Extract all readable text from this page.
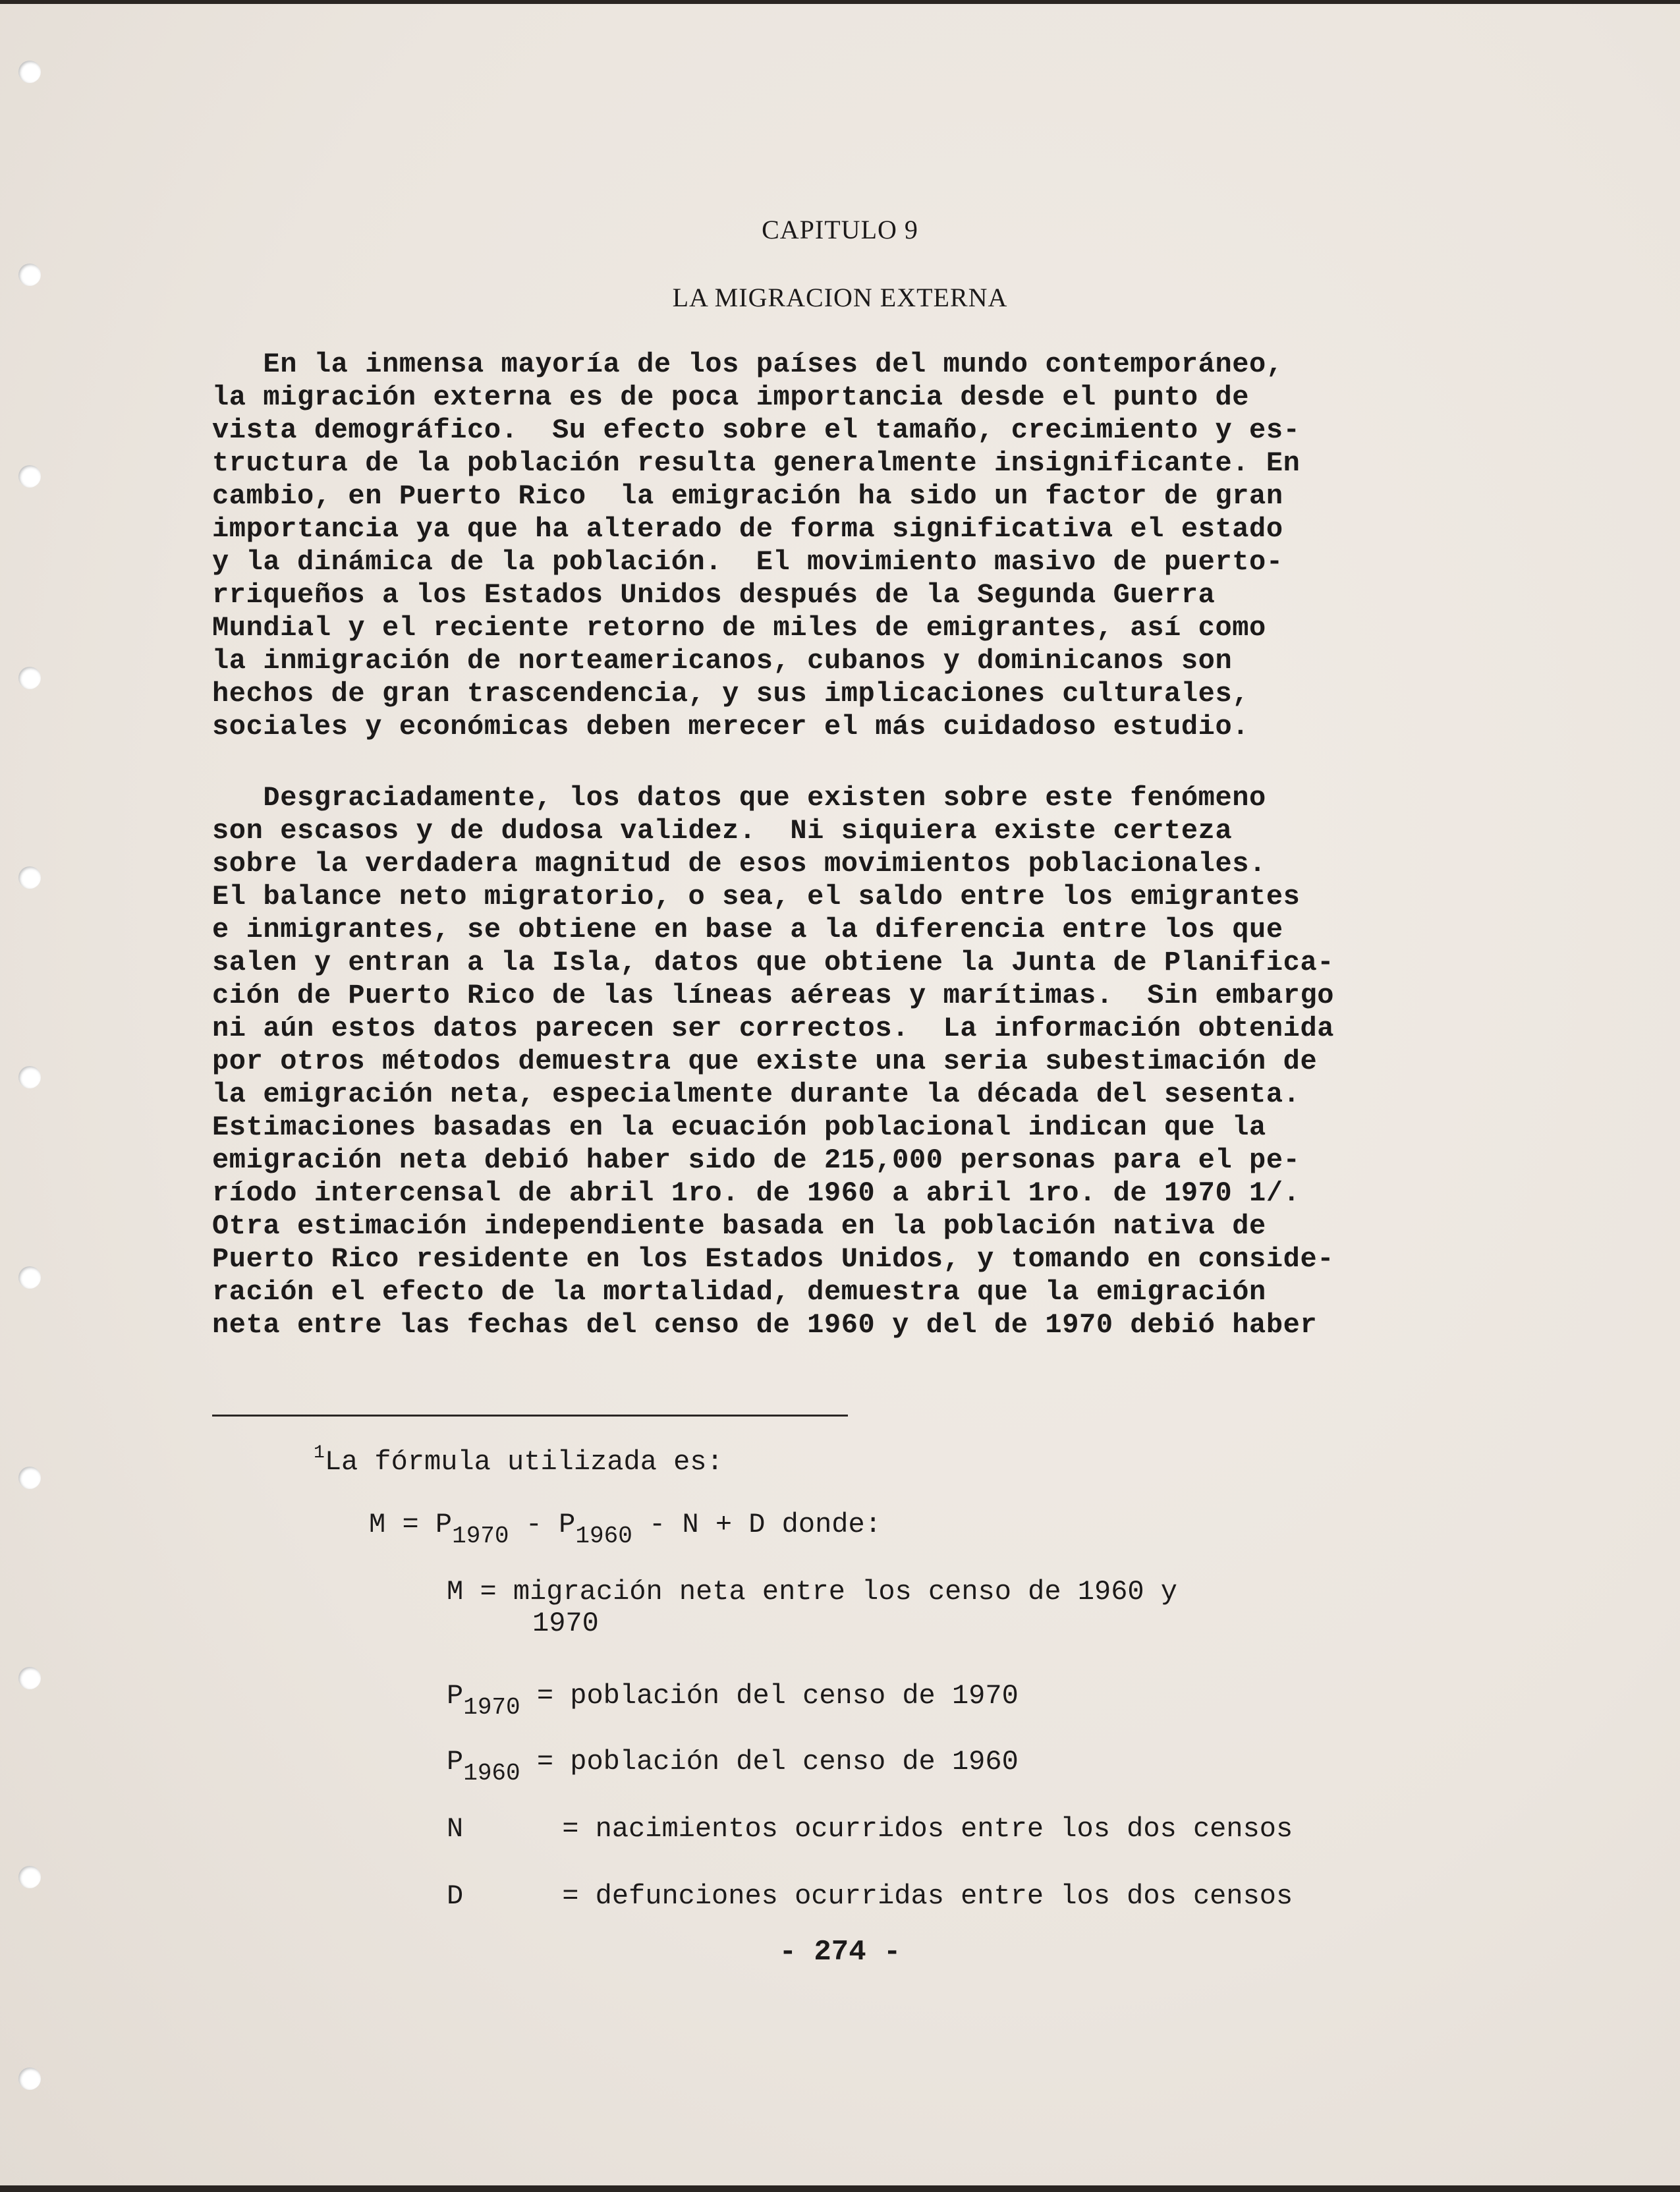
CAPITULO 9
LA MIGRACION EXTERNA
En la inmensa mayoría de los países del mundo contemporáneo,
la migración externa es de poca importancia desde el punto de
vista demográfico.  Su efecto sobre el tamaño, crecimiento y es-
tructura de la población resulta generalmente insignificante. En
cambio, en Puerto Rico  la emigración ha sido un factor de gran
importancia ya que ha alterado de forma significativa el estado
y la dinámica de la población.  El movimiento masivo de puerto-
rriqueños a los Estados Unidos después de la Segunda Guerra
Mundial y el reciente retorno de miles de emigrantes, así como
la inmigración de norteamericanos, cubanos y dominicanos son
hechos de gran trascendencia, y sus implicaciones culturales,
sociales y económicas deben merecer el más cuidadoso estudio.
Desgraciadamente, los datos que existen sobre este fenómeno
son escasos y de dudosa validez.  Ni siquiera existe certeza
sobre la verdadera magnitud de esos movimientos poblacionales.
El balance neto migratorio, o sea, el saldo entre los emigrantes
e inmigrantes, se obtiene en base a la diferencia entre los que
salen y entran a la Isla, datos que obtiene la Junta de Planifica-
ción de Puerto Rico de las líneas aéreas y marítimas.  Sin embargo
ni aún estos datos parecen ser correctos.  La información obtenida
por otros métodos demuestra que existe una seria subestimación de
la emigración neta, especialmente durante la década del sesenta.
Estimaciones basadas en la ecuación poblacional indican que la
emigración neta debió haber sido de 215,000 personas para el pe-
ríodo intercensal de abril 1ro. de 1960 a abril 1ro. de 1970 1/.
Otra estimación independiente basada en la población nativa de
Puerto Rico residente en los Estados Unidos, y tomando en conside-
ración el efecto de la mortalidad, demuestra que la emigración
neta entre las fechas del censo de 1960 y del de 1970 debió haber

$^1$La fórmula utilizada es:
M = P1970 - P1960 - N + D donde:
M = migración neta entre los censo de 1960 y
1970
P1970 = población del censo de 1970
P1960 = población del censo de 1960
N	= nacimientos ocurridos entre los dos censos
D	= defunciones ocurridas entre los dos censos
- 274 -
